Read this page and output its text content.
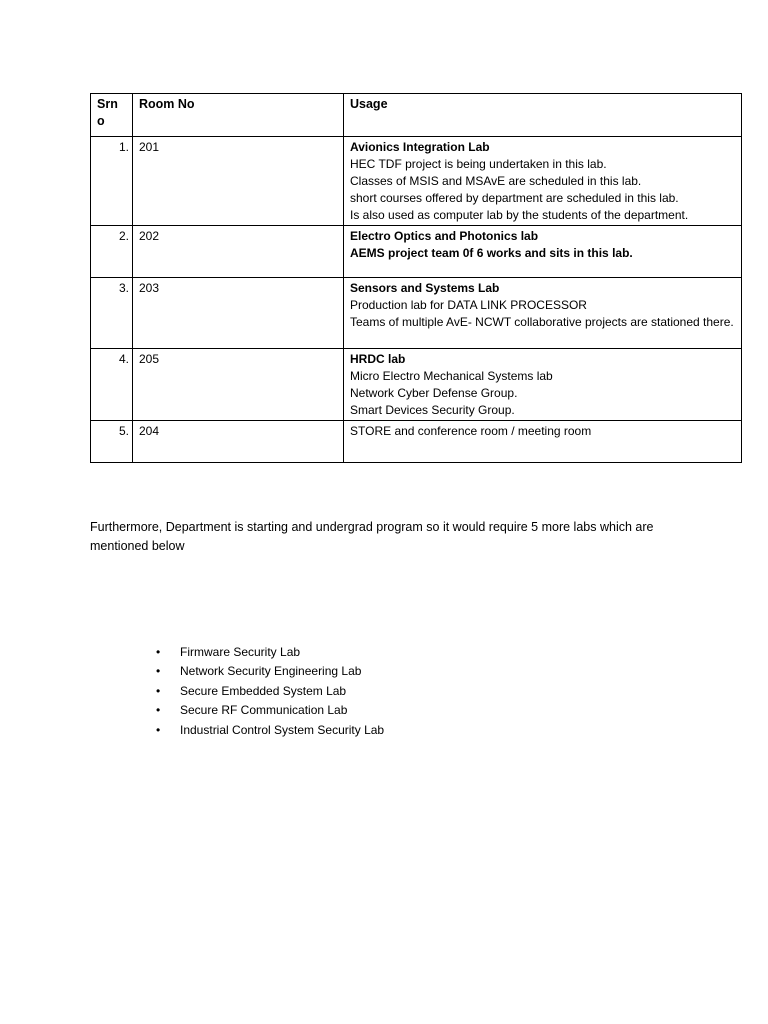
Srn o	Room No	Usage
1.	201	Avionics Integration Lab
HEC TDF project is being undertaken in this lab.
Classes of MSIS and MSAvE are scheduled in this lab.
short courses offered by department are scheduled in this lab.
Is also used as computer lab by the students of the department.

2.	202	Electro Optics and Photonics lab
AEMS project team 0f 6 works and sits in this lab.

3.	203	Sensors and Systems Lab
Production lab for DATA LINK PROCESSOR
Teams of multiple AvE- NCWT collaborative projects are stationed there.

4.	205	HRDC lab
Micro Electro Mechanical Systems lab
Network Cyber Defense Group.
Smart Devices Security Group.

5.	204	STORE and conference room / meeting room

Furthermore, Department is starting and undergrad program so it would require 5 more labs which are mentioned below

• Firmware Security Lab
• Network Security Engineering Lab
• Secure Embedded System Lab
• Secure RF Communication Lab
• Industrial Control System Security Lab
